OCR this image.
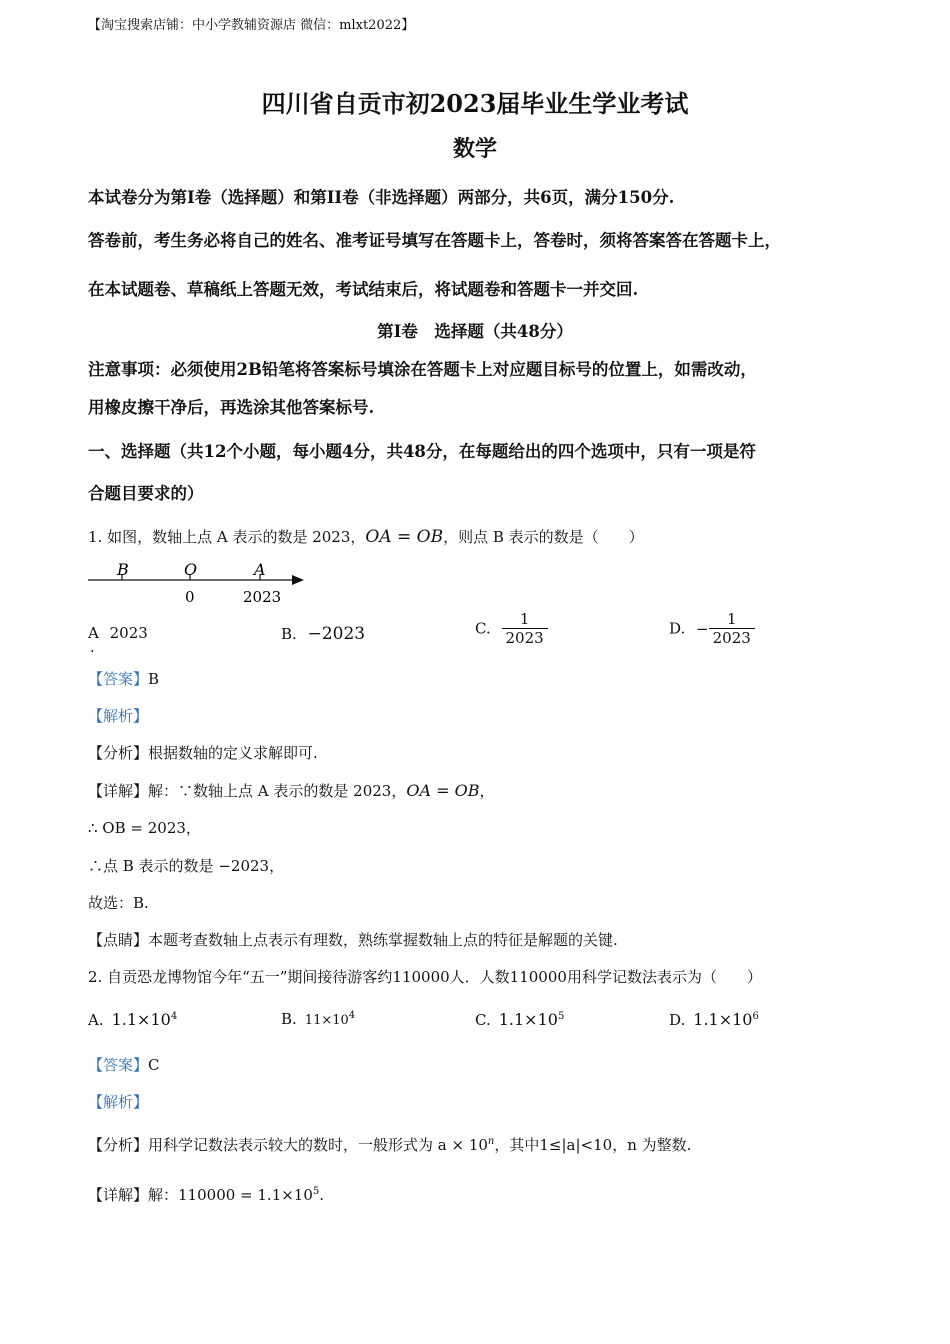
【淘宝搜索店铺：中小学教辅资源店 微信：mlxt2022】
四川省自贡市初2023届毕业生学业考试
数学
本试卷分为第I卷（选择题）和第II卷（非选择题）两部分，共6页，满分150分.
答卷前，考生务必将自己的姓名、准考证号填写在答题卡上，答卷时，须将答案答在答题卡上，
在本试题卷、草稿纸上答题无效，考试结束后，将试题卷和答题卡一并交回.
第I卷　选择题（共48分）
注意事项：必须使用2B铅笔将答案标号填涂在答题卡上对应题目标号的位置上，如需改动，
用橡皮擦干净后，再选涂其他答案标号.
一、选择题（共12个小题，每小题4分，共48分，在每题给出的四个选项中，只有一项是符
合题目要求的）
1. 如图，数轴上点 A 表示的数是 2023，OA = OB，则点 B 表示的数是（　　）
B	O	A
0	2023
A 2023
.
B. −2023	C. $\frac{1}{2023}$	D. − $\frac{1}{2023}$
【答案】B
【解析】
【分析】根据数轴的定义求解即可.
【详解】解：∵数轴上点 A 表示的数是 2023，OA = OB，
∴ OB = 2023，
∴点 B 表示的数是 −2023，
故选：B.
【点睛】本题考查数轴上点表示有理数，熟练掌握数轴上点的特征是解题的关键.
2. 自贡恐龙博物馆今年“五一”期间接待游客约110000人．人数110000用科学记数法表示为（　　）
A. $1.1\times 10^4$	B. $11\times 10^4$	C. $1.1\times 10^5$	D. $1.1\times 10^6$
【答案】C
【解析】
【分析】用科学记数法表示较大的数时，一般形式为 $a \times 10^n$，其中1≤|a|<10，n 为整数.
【详解】解：$110000 = 1.1\times 10^5$.
